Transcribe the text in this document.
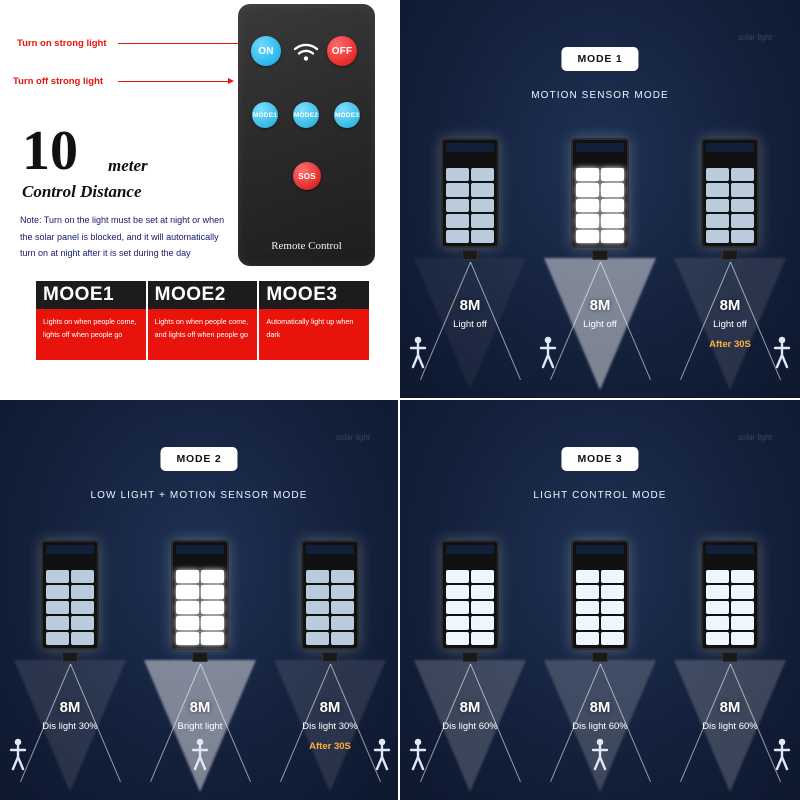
Turn on strong light
Turn off strong light
ON	OFF
MODE1	MODE2	MODE3
SOS
Remote Control
10 meter
Control Distance
Note: Turn on the light must be set at night or when the solar panel is blocked, and it will automatically turn on at night after it is set during the day
MOOE1
Lights on when people come, lights off when people go
MOOE2
Lights on when people come, and lights off when people go
MOOE3
Automatically light up when dark
solar light
MODE 1
MOTION SENSOR MODE
8M
Light off
8M
Light off
8M
Light off
After 30S
solar light
MODE 2
LOW LIGHT + MOTION SENSOR MODE
8M
Dis light 30%
8M
Bright light
8M
Dis light 30%
After 30S
solar light
MODE 3
LIGHT CONTROL MODE
8M
Dis light 60%
8M
Dis light 60%
8M
Dis light 60%
